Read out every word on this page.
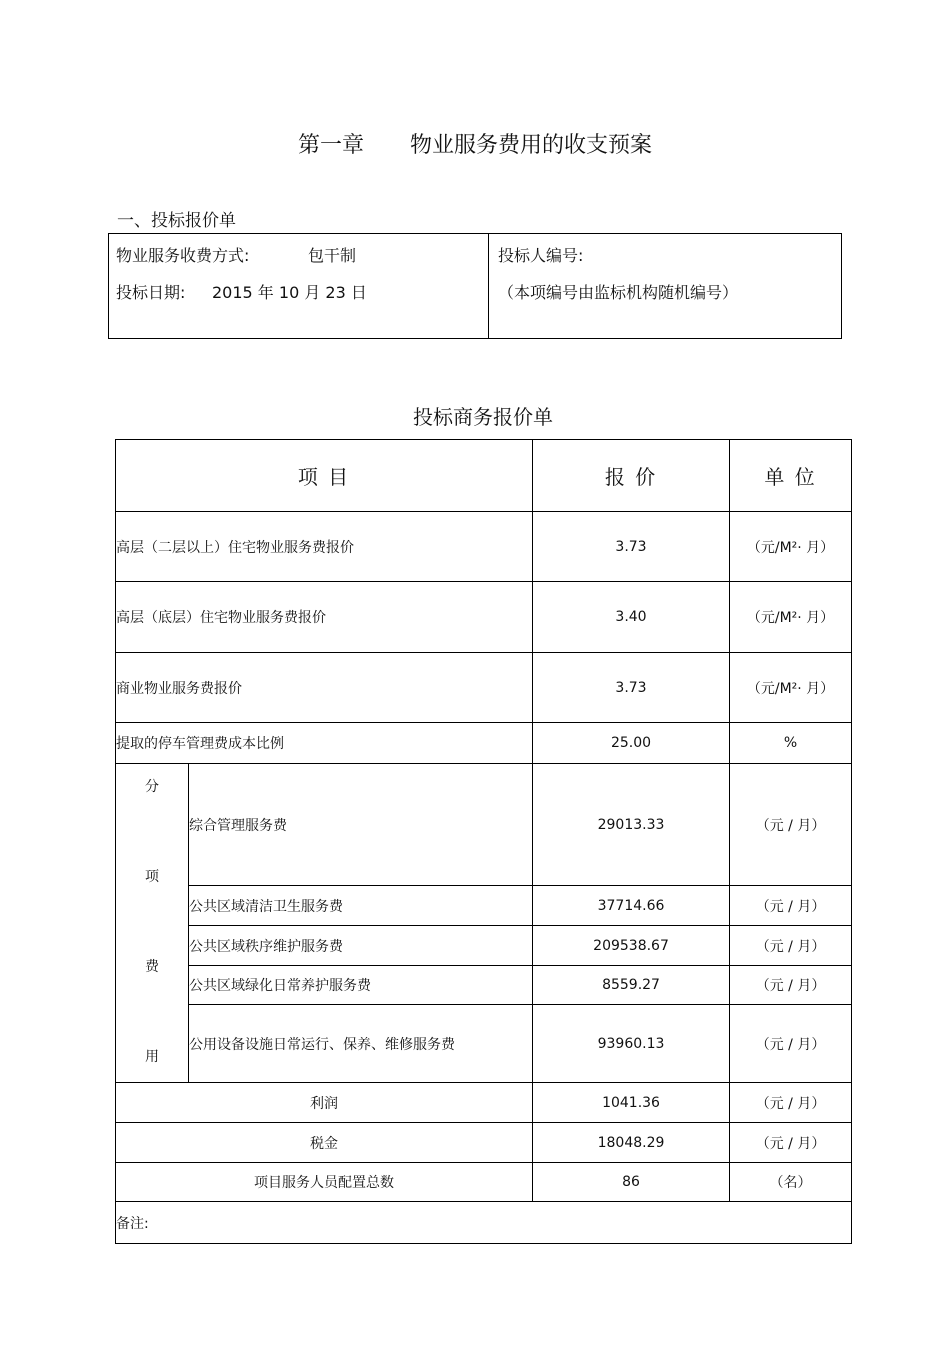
第一章 物业服务费用的收支预案
一、投标报价单
物业服务收费方式:	包干制
投标日期: 2015 年 10 月 23 日
投标人编号:
（本项编号由监标机构随机编号）
投标商务报价单
项 目		报 价	单 位
高层（二层以上）住宅物业服务费报价		3.73	（元/M²· 月）
高层（底层）住宅物业服务费报价		3.40	（元/M²· 月）
商业物业服务费报价		3.73	（元/M²· 月）
提取的停车管理费成本比例		25.00	%

分
项
费
用	综合管理服务费	29013.33	（元 / 月）
	公共区域清洁卫生服务费	37714.66	（元 / 月）
	公共区域秩序维护服务费	209538.67	（元 / 月）
	公共区域绿化日常养护服务费	8559.27	（元 / 月）
	公用设备设施日常运行、保养、维修服务费	93960.13	（元 / 月）
利润		1041.36	（元 / 月）
税金		18048.29	（元 / 月）
项目服务人员配置总数		86	（名）
备注:			
